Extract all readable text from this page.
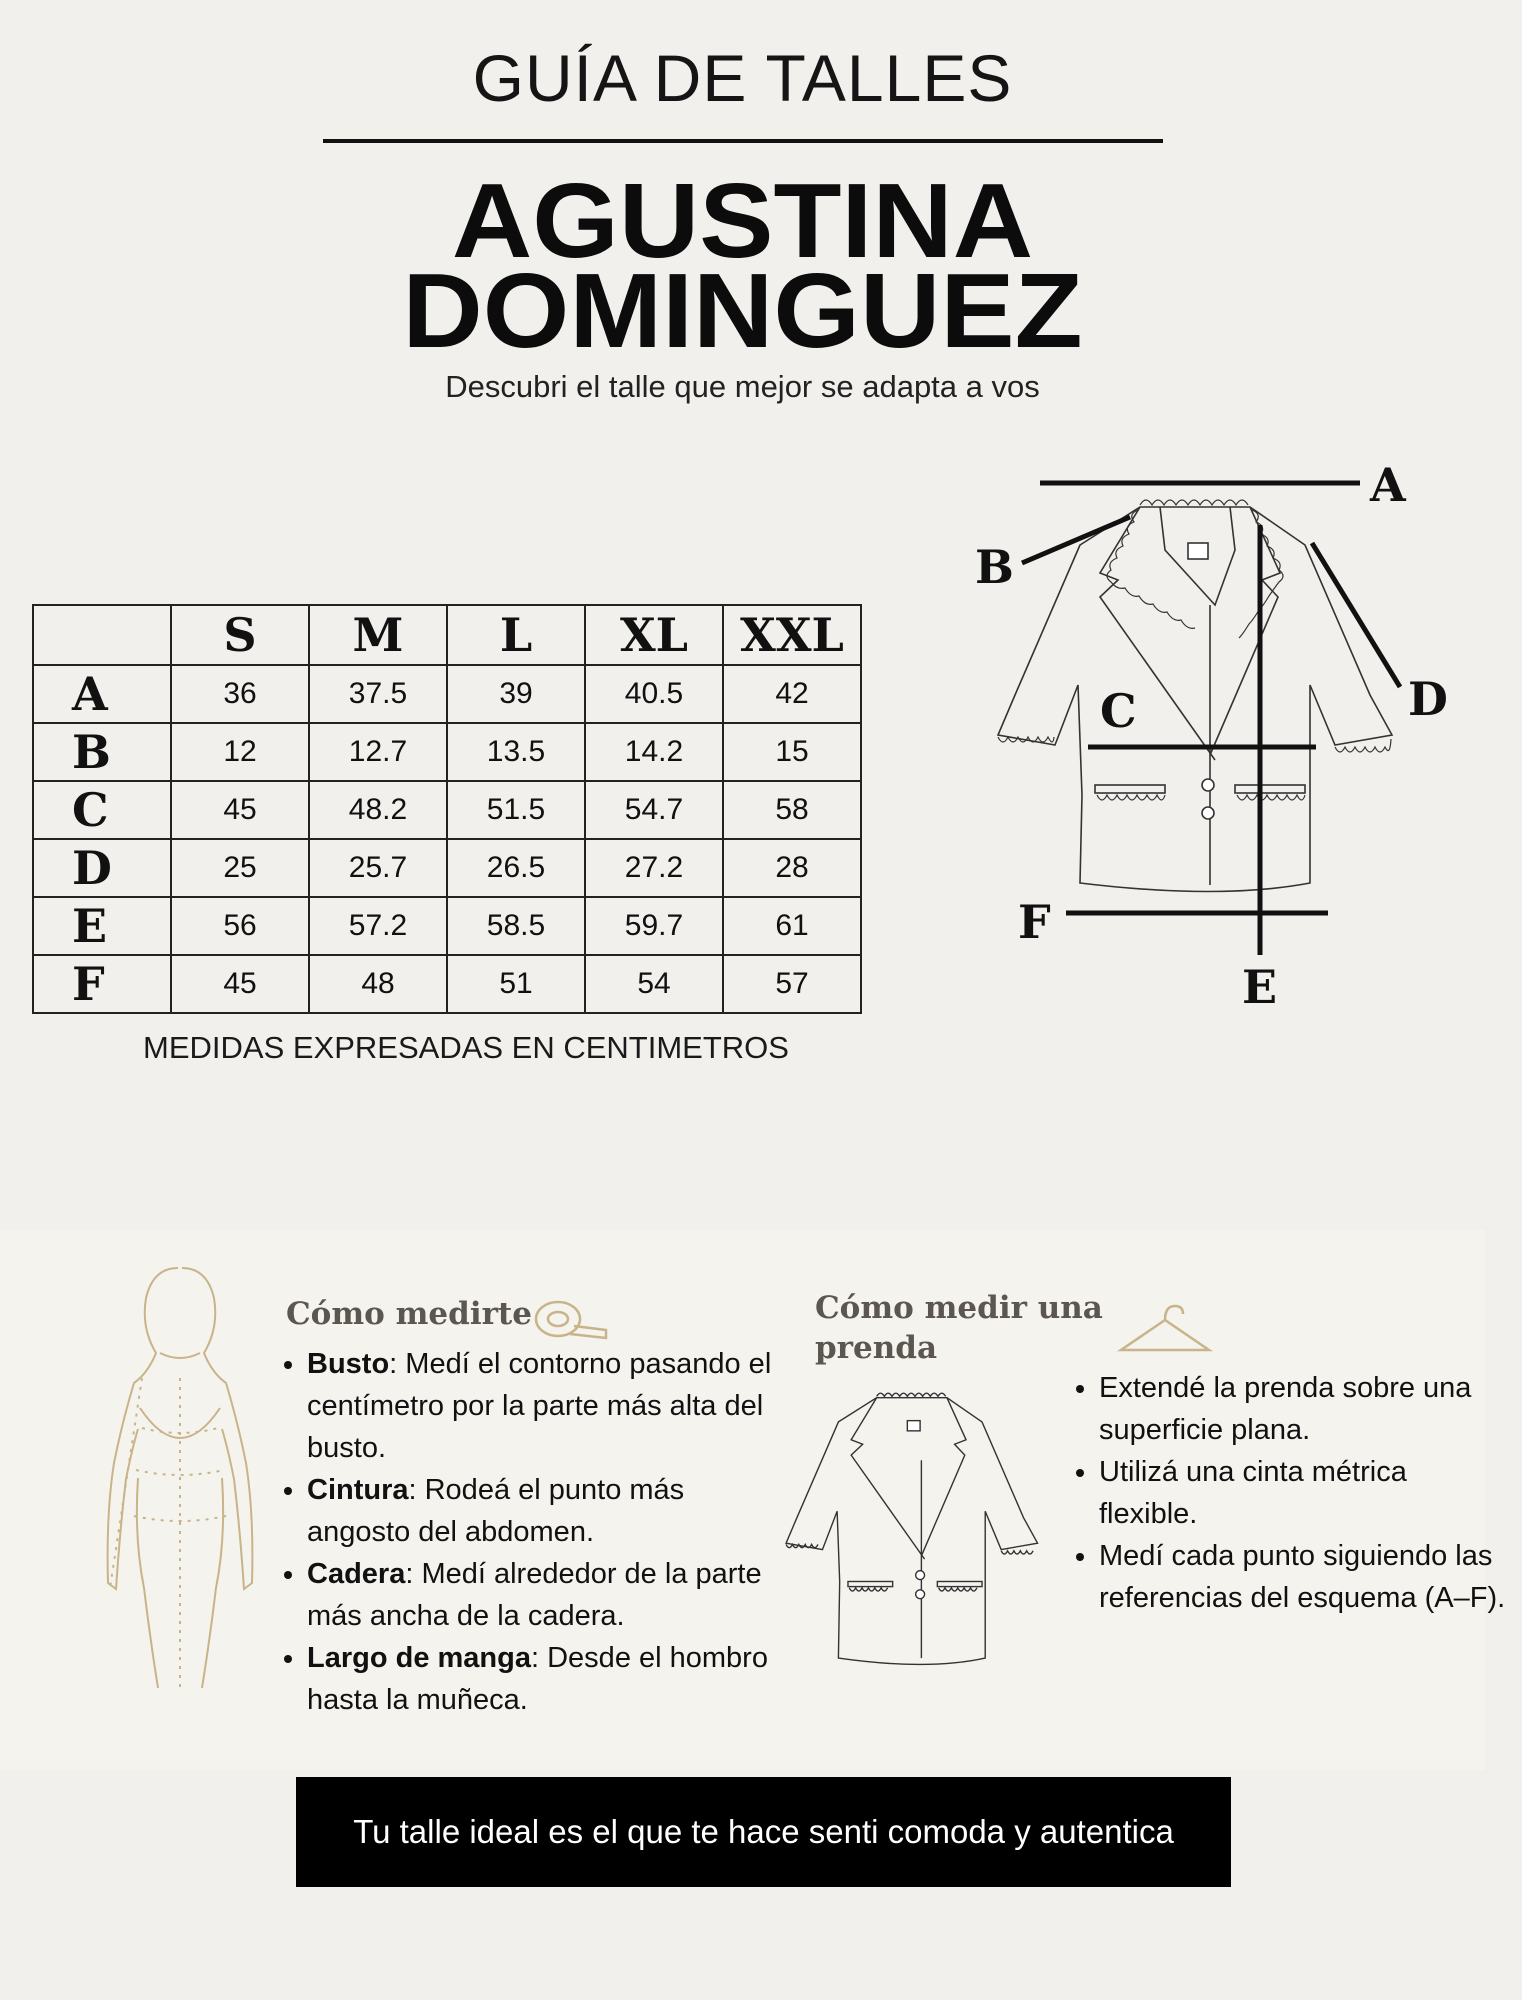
GUÍA DE TALLES
AGUSTINA
DOMINGUEZ
Descubri el talle que mejor se adapta a vos
	S	M	L	XL	XXL
A	36	37.5	39	40.5	42
B	12	12.7	13.5	14.2	15
C	45	48.2	51.5	54.7	58
D	25	25.7	26.5	27.2	28
E	56	57.2	58.5	59.7	61
F	45	48	51	54	57
MEDIDAS EXPRESADAS EN CENTIMETROS
A
B
C	D
E
F
Cómo medirte
• Busto: Medí el contorno pasando el centímetro por la parte más alta del busto.
• Cintura: Rodeá el punto más angosto del abdomen.
• Cadera: Medí alrededor de la parte más ancha de la cadera.
• Largo de manga: Desde el hombro hasta la muñeca.
Cómo medir una prenda
• Extendé la prenda sobre una superficie plana.
• Utilizá una cinta métrica flexible.
• Medí cada punto siguiendo las referencias del esquema (A–F).
Tu talle ideal es el que te hace senti comoda y autentica
